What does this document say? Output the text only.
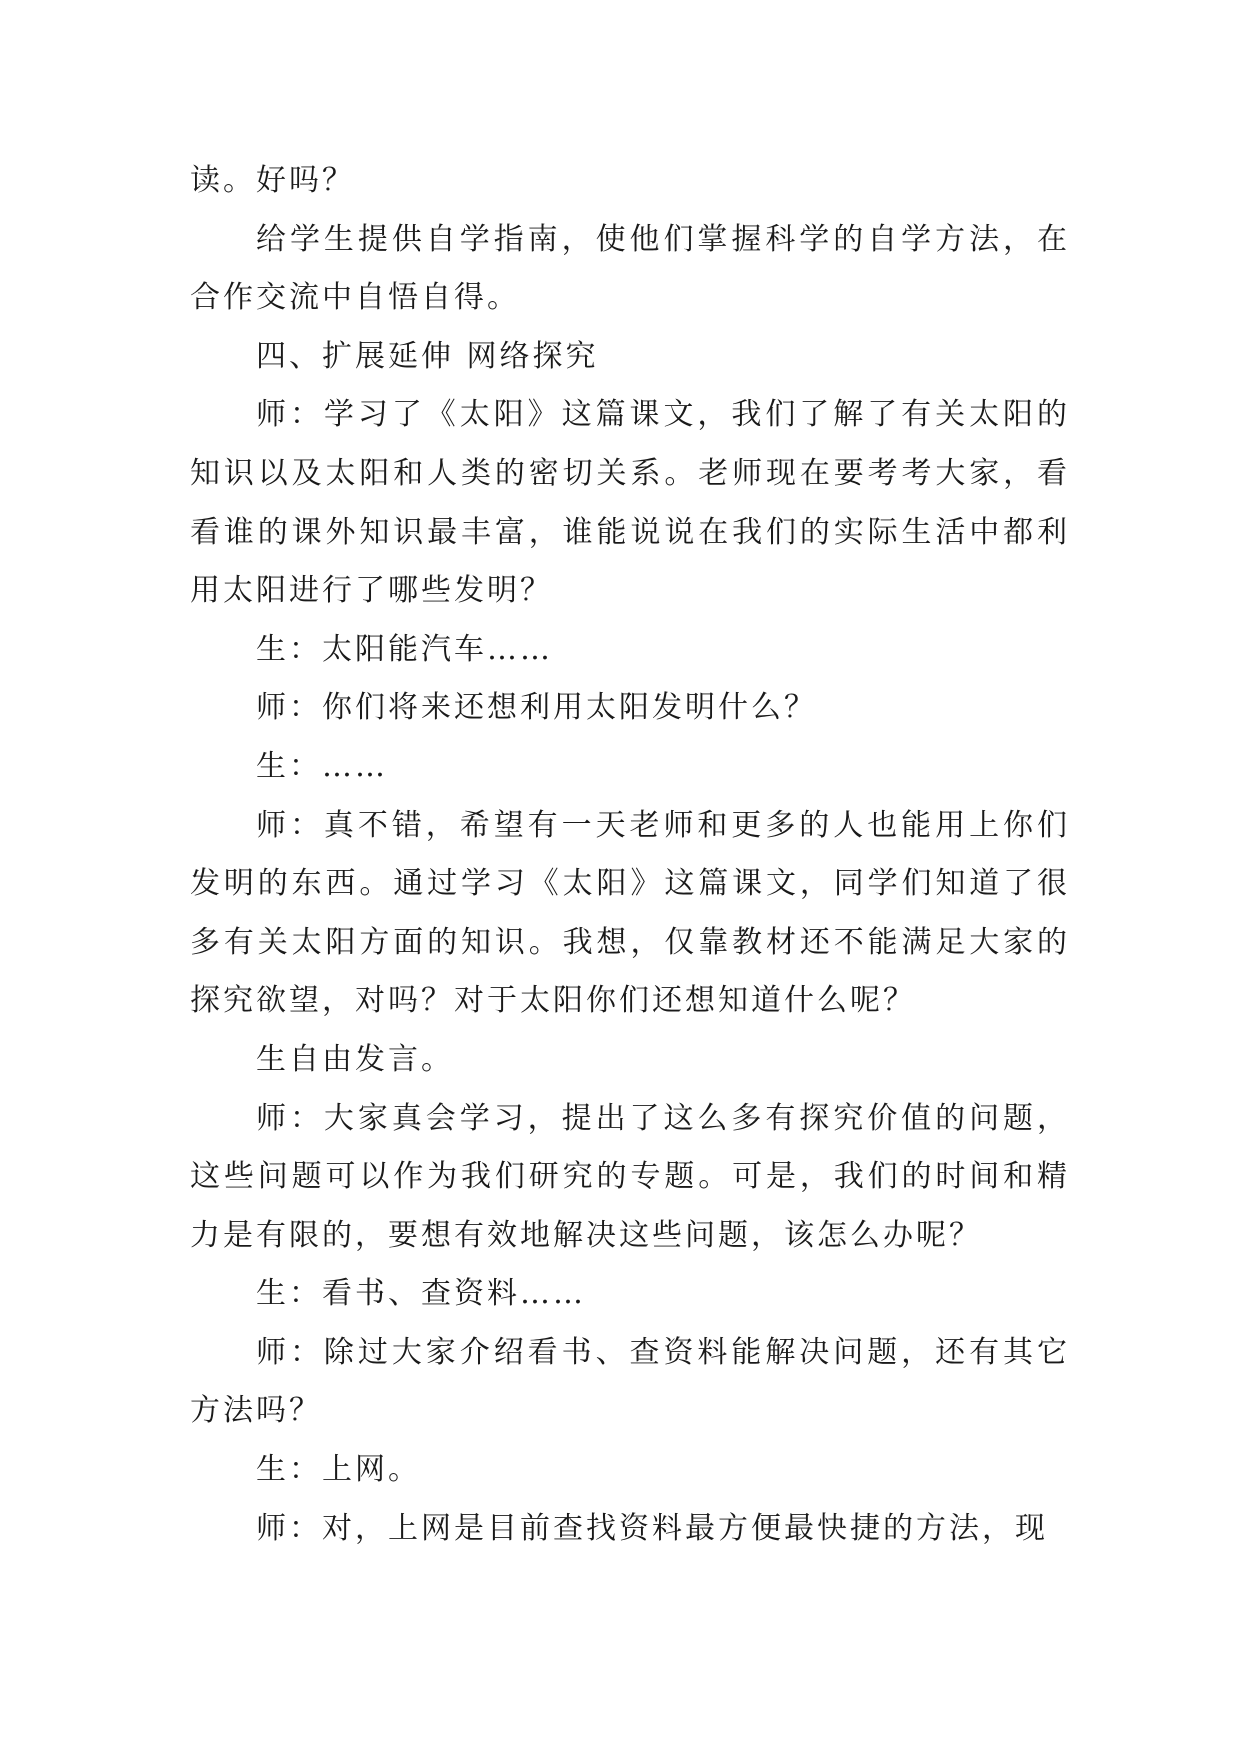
读。好吗？

给学生提供自学指南，使他们掌握科学的自学方法，在合作交流中自悟自得。

四、扩展延伸 网络探究

师：学习了《太阳》这篇课文，我们了解了有关太阳的知识以及太阳和人类的密切关系。老师现在要考考大家，看看谁的课外知识最丰富，谁能说说在我们的实际生活中都利用太阳进行了哪些发明？

生：太阳能汽车……

师：你们将来还想利用太阳发明什么？

生：……

师：真不错，希望有一天老师和更多的人也能用上你们发明的东西。通过学习《太阳》这篇课文，同学们知道了很多有关太阳方面的知识。我想，仅靠教材还不能满足大家的探究欲望，对吗？对于太阳你们还想知道什么呢？

生自由发言。

师：大家真会学习，提出了这么多有探究价值的问题，这些问题可以作为我们研究的专题。可是，我们的时间和精力是有限的，要想有效地解决这些问题，该怎么办呢？

生：看书、查资料……

师：除过大家介绍看书、查资料能解决问题，还有其它方法吗？

生：上网。

师：对，上网是目前查找资料最方便最快捷的方法，现
